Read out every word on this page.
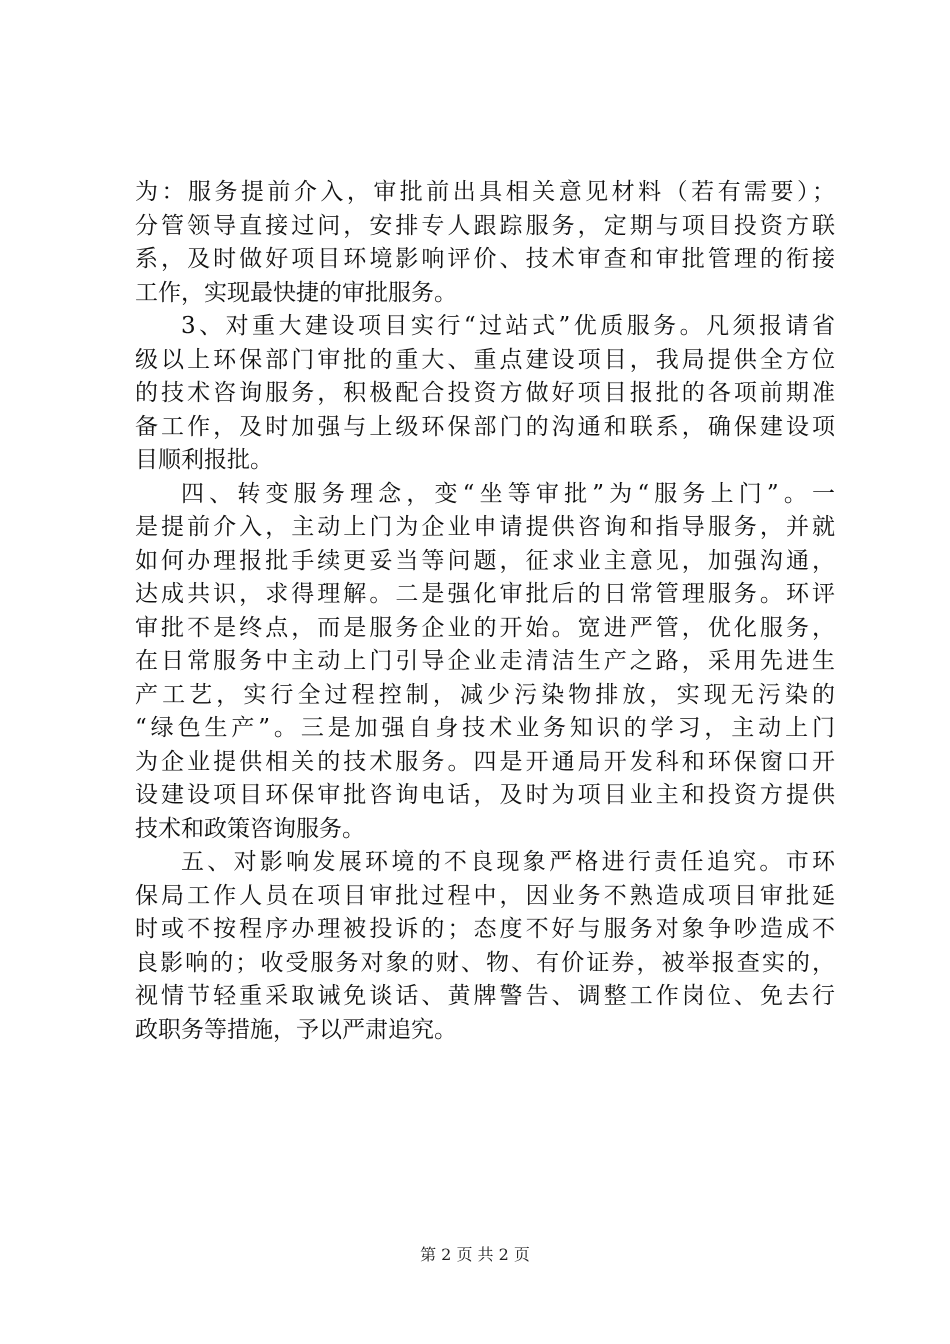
为：服务提前介入，审批前出具相关意见材料（若有需要）；
分管领导直接过问，安排专人跟踪服务，定期与项目投资方联
系，及时做好项目环境影响评价、技术审查和审批管理的衔接
工作，实现最快捷的审批服务。
3、对重大建设项目实行“过站式”优质服务。凡须报请省
级以上环保部门审批的重大、重点建设项目，我局提供全方位
的技术咨询服务，积极配合投资方做好项目报批的各项前期准
备工作，及时加强与上级环保部门的沟通和联系，确保建设项
目顺利报批。
四、转变服务理念，变“坐等审批”为“服务上门”。一
是提前介入，主动上门为企业申请提供咨询和指导服务，并就
如何办理报批手续更妥当等问题，征求业主意见，加强沟通，
达成共识，求得理解。二是强化审批后的日常管理服务。环评
审批不是终点，而是服务企业的开始。宽进严管，优化服务，
在日常服务中主动上门引导企业走清洁生产之路，采用先进生
产工艺，实行全过程控制，减少污染物排放，实现无污染的
“绿色生产”。三是加强自身技术业务知识的学习，主动上门
为企业提供相关的技术服务。四是开通局开发科和环保窗口开
设建设项目环保审批咨询电话，及时为项目业主和投资方提供
技术和政策咨询服务。
五、对影响发展环境的不良现象严格进行责任追究。市环
保局工作人员在项目审批过程中，因业务不熟造成项目审批延
时或不按程序办理被投诉的；态度不好与服务对象争吵造成不
良影响的；收受服务对象的财、物、有价证券，被举报查实的，
视情节轻重采取诫免谈话、黄牌警告、调整工作岗位、免去行
政职务等措施，予以严肃追究。
第 2 页 共 2 页
